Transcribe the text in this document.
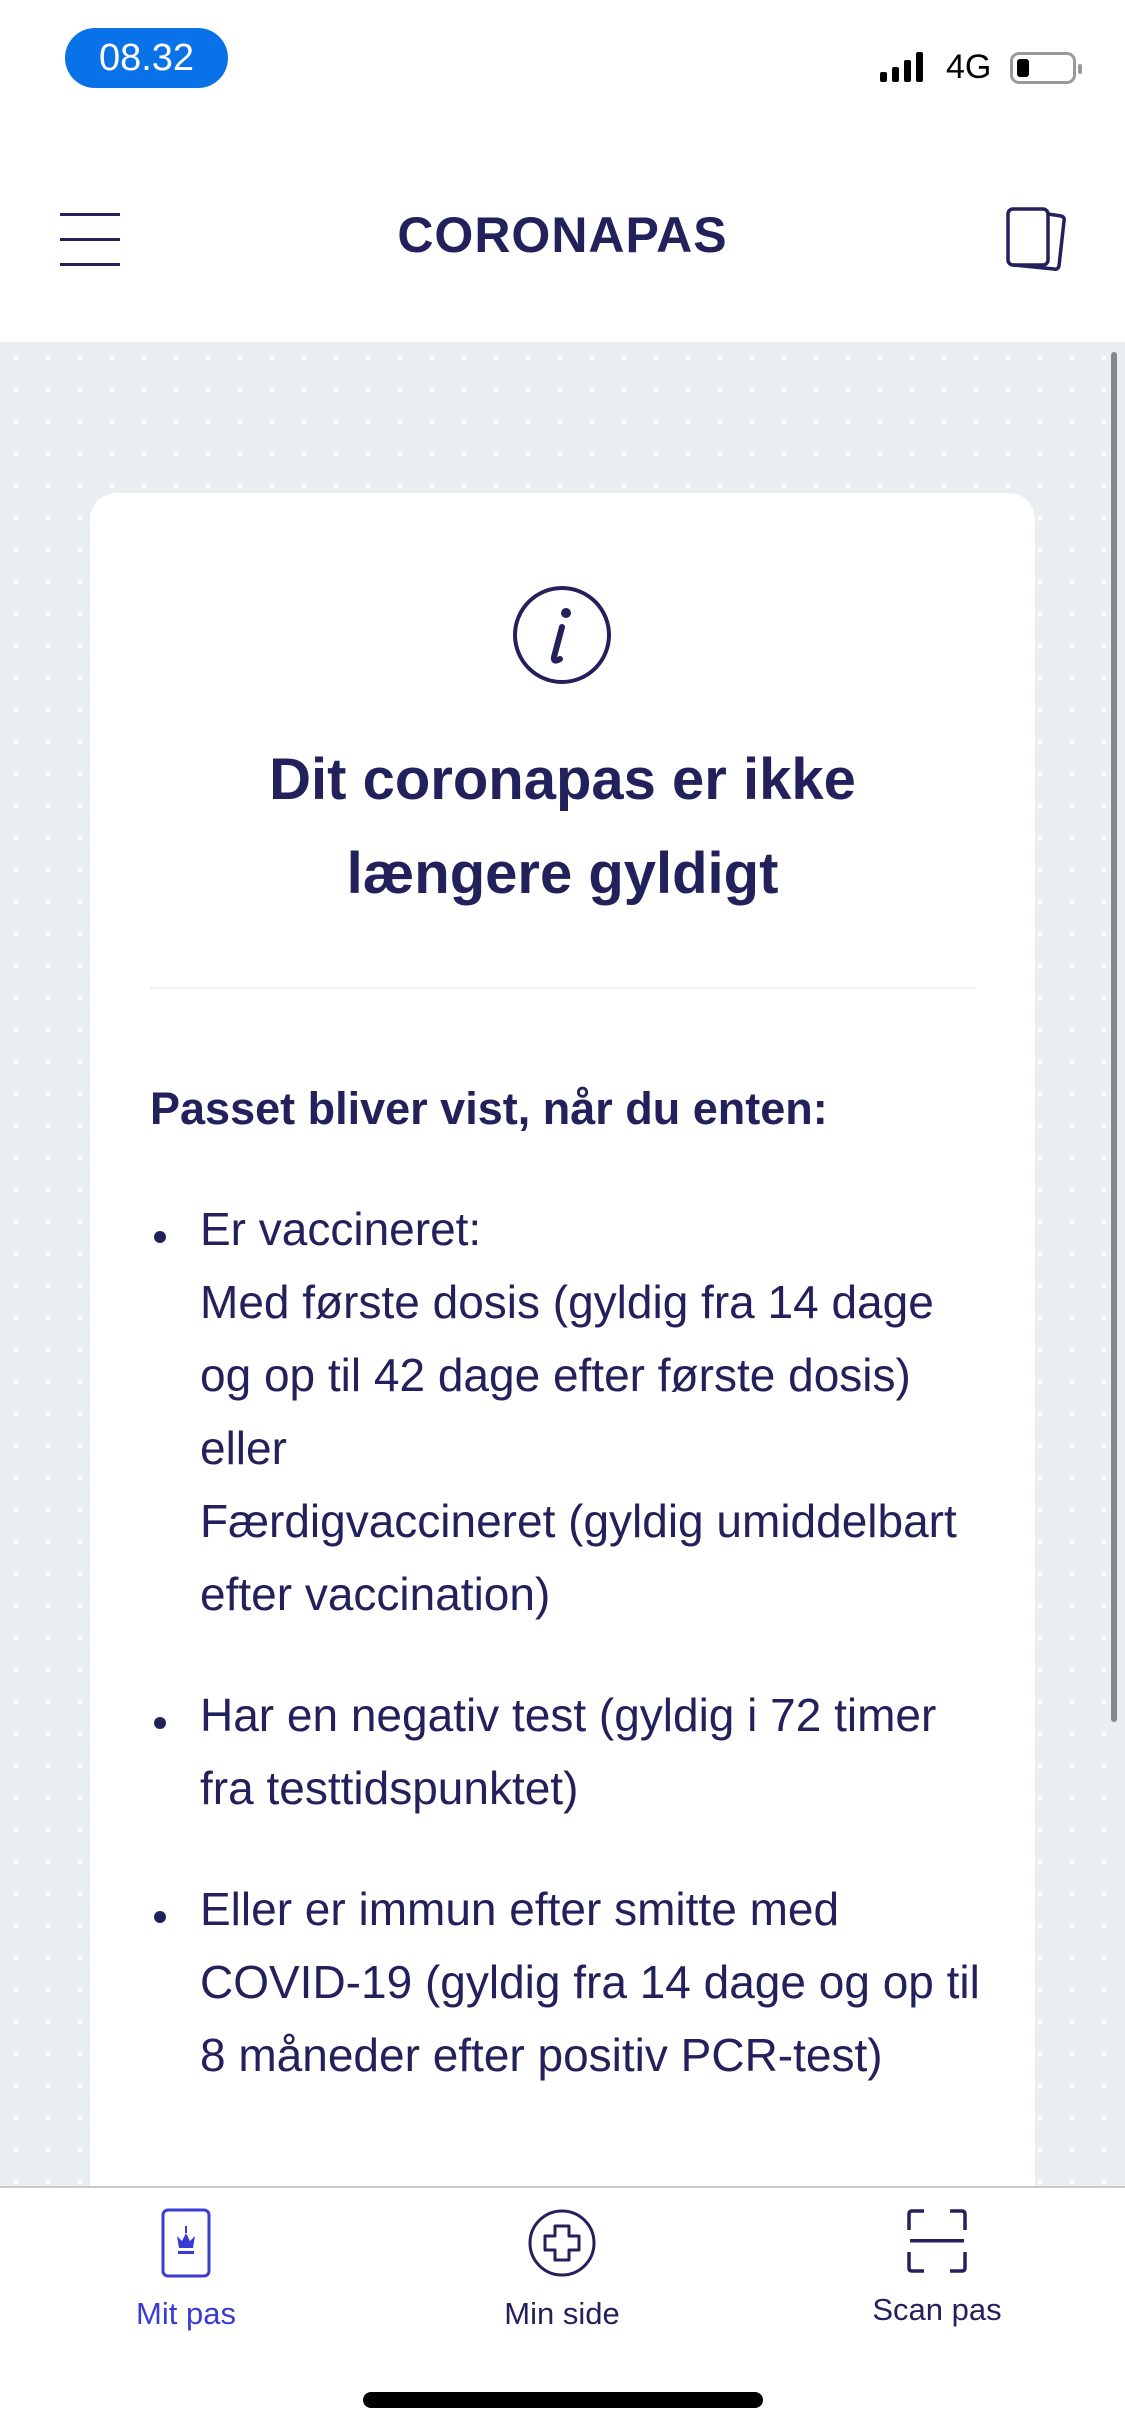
08.32	4G
CORONAPAS
Dit coronapas er ikke længere gyldigt
Passet bliver vist, når du enten:
Er vaccineret:
Med første dosis (gyldig fra 14 dage og op til 42 dage efter første dosis) eller
Færdigvaccineret (gyldig umiddelbart efter vaccination)
Har en negativ test (gyldig i 72 timer fra testtidspunktet)
Eller er immun efter smitte med COVID-19 (gyldig fra 14 dage og op til 8 måneder efter positiv PCR-test)
Mit pas	Min side	Scan pas
